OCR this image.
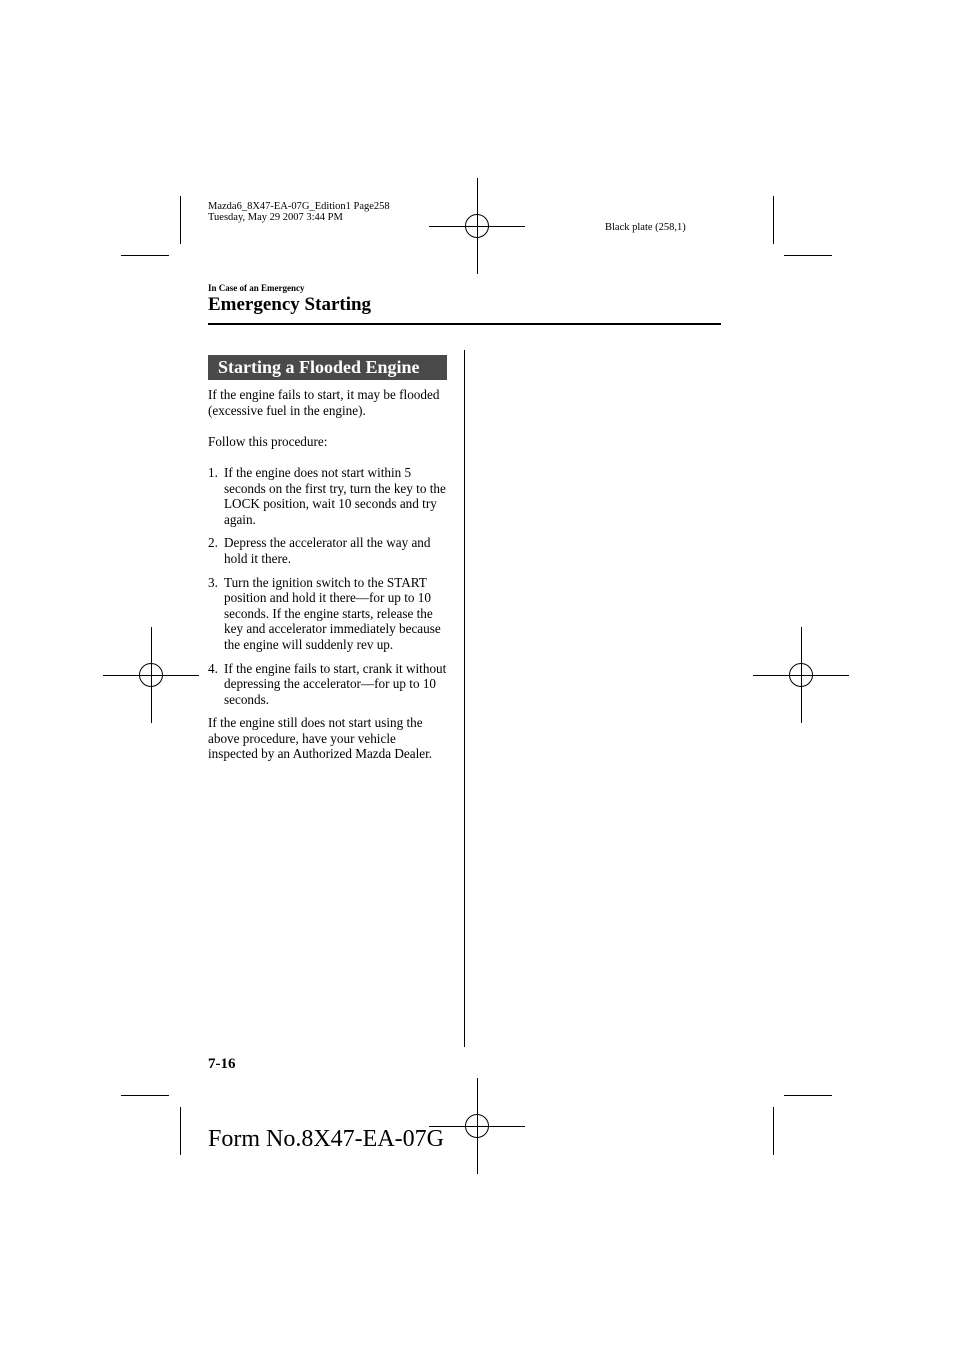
Mazda6_8X47-EA-07G_Edition1 Page258
Tuesday, May 29 2007 3:44 PM
Black plate (258,1)
In Case of an Emergency
Emergency Starting
Starting a Flooded Engine

If the engine fails to start, it may be flooded (excessive fuel in the engine).

Follow this procedure:

1. If the engine does not start within 5 seconds on the first try, turn the key to the LOCK position, wait 10 seconds and try again.
2. Depress the accelerator all the way and hold it there.
3. Turn the ignition switch to the START position and hold it there—for up to 10 seconds. If the engine starts, release the key and accelerator immediately because the engine will suddenly rev up.
4. If the engine fails to start, crank it without depressing the accelerator—for up to 10 seconds.

If the engine still does not start using the above procedure, have your vehicle inspected by an Authorized Mazda Dealer.

7-16
Form No.8X47-EA-07G
